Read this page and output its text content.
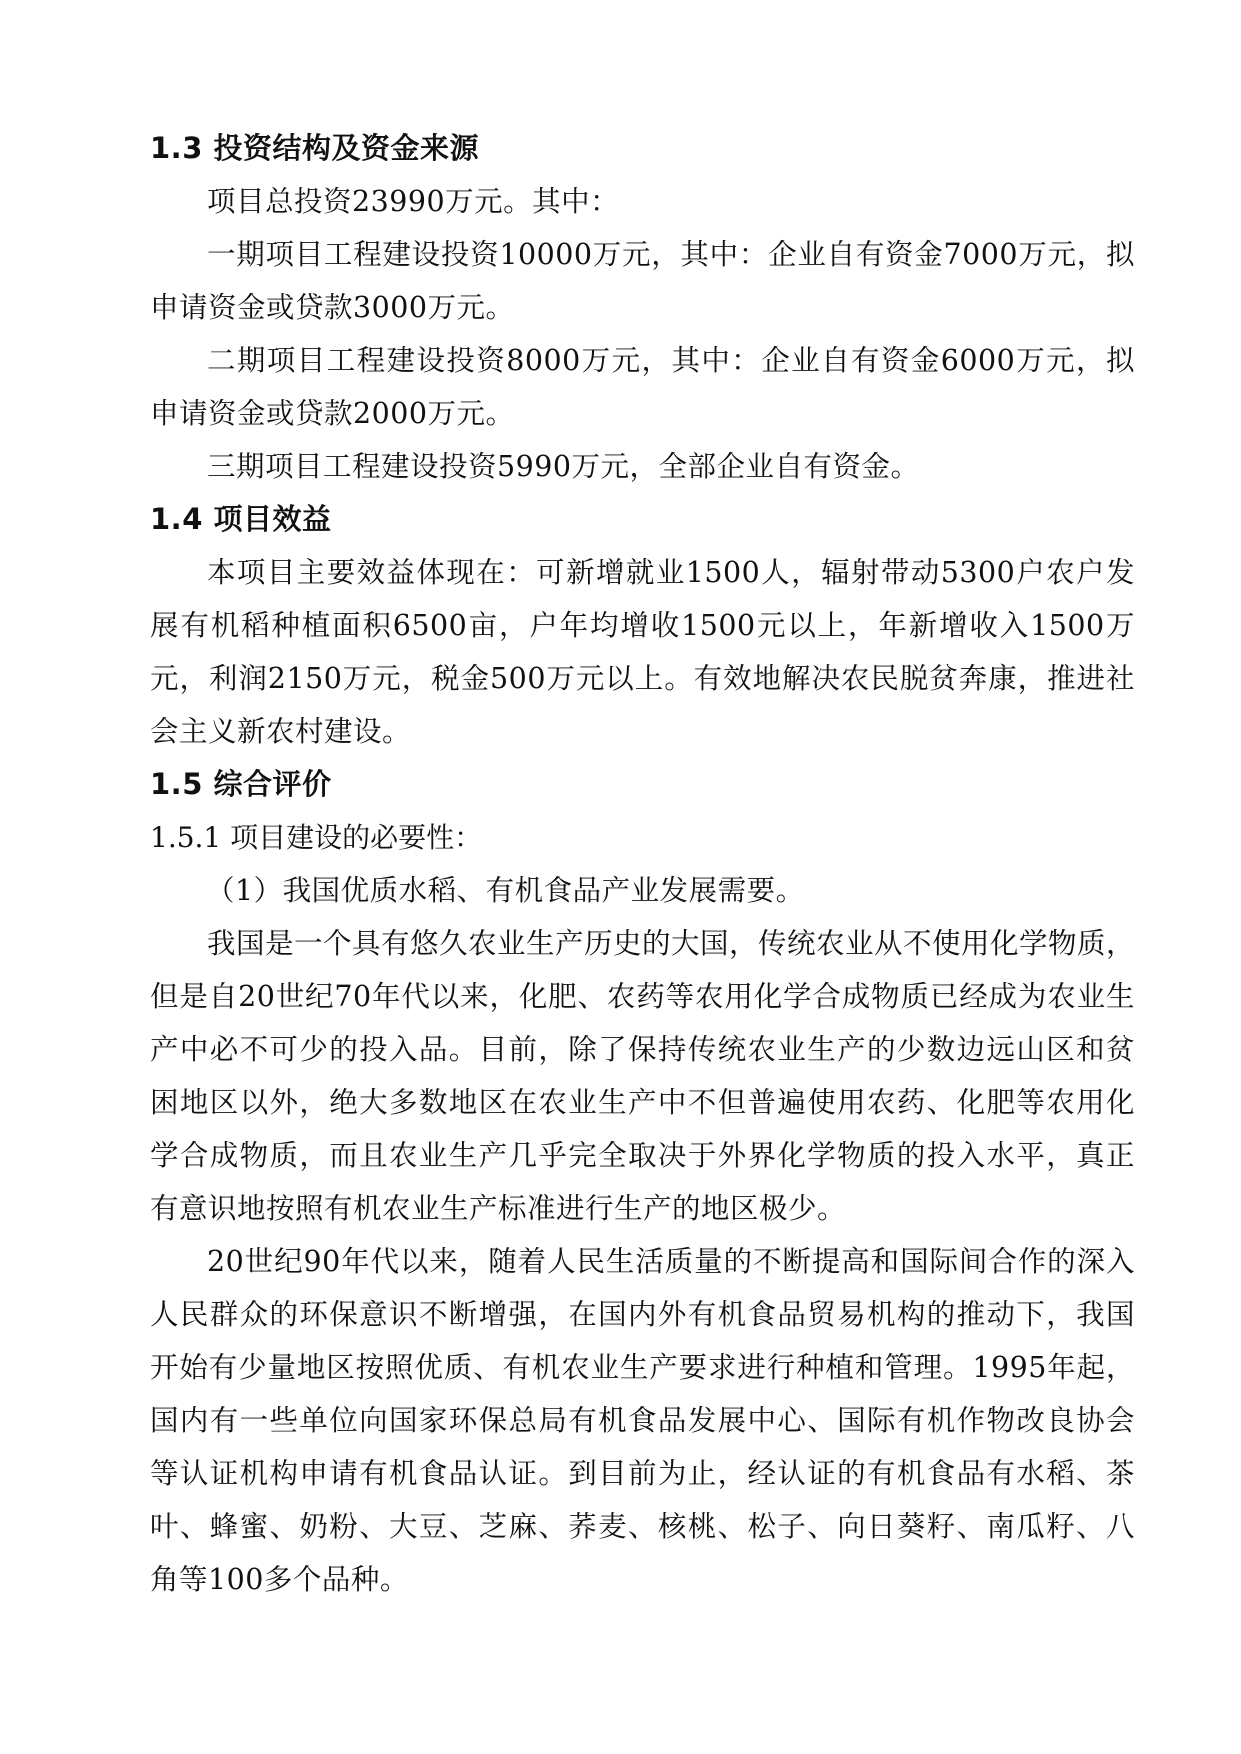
1.3 投资结构及资金来源

项目总投资23990万元。其中：

一期项目工程建设投资10000万元，其中：企业自有资金7000万元，拟申请资金或贷款3000万元。

二期项目工程建设投资8000万元，其中：企业自有资金6000万元，拟申请资金或贷款2000万元。

三期项目工程建设投资5990万元，全部企业自有资金。

1.4 项目效益

本项目主要效益体现在：可新增就业1500人，辐射带动5300户农户发展有机稻种植面积6500亩，户年均增收1500元以上，年新增收入1500万元，利润2150万元，税金500万元以上。有效地解决农民脱贫奔康，推进社会主义新农村建设。

1.5 综合评价
1.5.1 项目建设的必要性：
（1）我国优质水稻、有机食品产业发展需要。

我国是一个具有悠久农业生产历史的大国，传统农业从不使用化学物质，但是自20世纪70年代以来，化肥、农药等农用化学合成物质已经成为农业生产中必不可少的投入品。目前，除了保持传统农业生产的少数边远山区和贫困地区以外，绝大多数地区在农业生产中不但普遍使用农药、化肥等农用化学合成物质，而且农业生产几乎完全取决于外界化学物质的投入水平，真正有意识地按照有机农业生产标准进行生产的地区极少。

20世纪90年代以来，随着人民生活质量的不断提高和国际间合作的深入人民群众的环保意识不断增强，在国内外有机食品贸易机构的推动下，我国开始有少量地区按照优质、有机农业生产要求进行种植和管理。1995年起，国内有一些单位向国家环保总局有机食品发展中心、国际有机作物改良协会等认证机构申请有机食品认证。到目前为止，经认证的有机食品有水稻、茶叶、蜂蜜、奶粉、大豆、芝麻、荞麦、核桃、松子、向日葵籽、南瓜籽、八角等100多个品种。
